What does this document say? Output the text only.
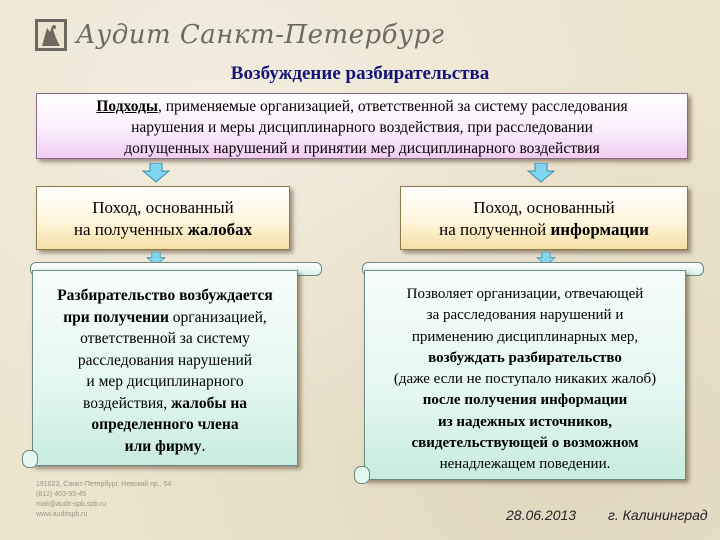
Аудит Санкт-Петербург
Возбуждение разбирательства
Подходы, применяемые организацией, ответственной за систему расследования
нарушения и меры дисциплинарного воздействия, при расследовании
допущенных нарушений и принятии мер дисциплинарного воздействия
Поход, основанный
на полученных жалобах
Поход, основанный
на полученной информации
Разбирательство возбуждается
при получении организацией,
ответственной за систему
расследования нарушений
и мер дисциплинарного
воздействия, жалобы на
определенного члена
или фирму.
Позволяет организации, отвечающей
за расследования нарушений и
применению дисциплинарных мер,
возбуждать разбирательство
(даже если не поступало никаких жалоб)
после получения информации
из надежных источников,
свидетельствующей о возможном
ненадлежащем поведении.
191023, Санкт-Петербург, Невский пр., 54
(812) 403-95-45
mail@audit-spb.spb.ru
www.auditspb.ru	28.06.2013 г. Калининград
